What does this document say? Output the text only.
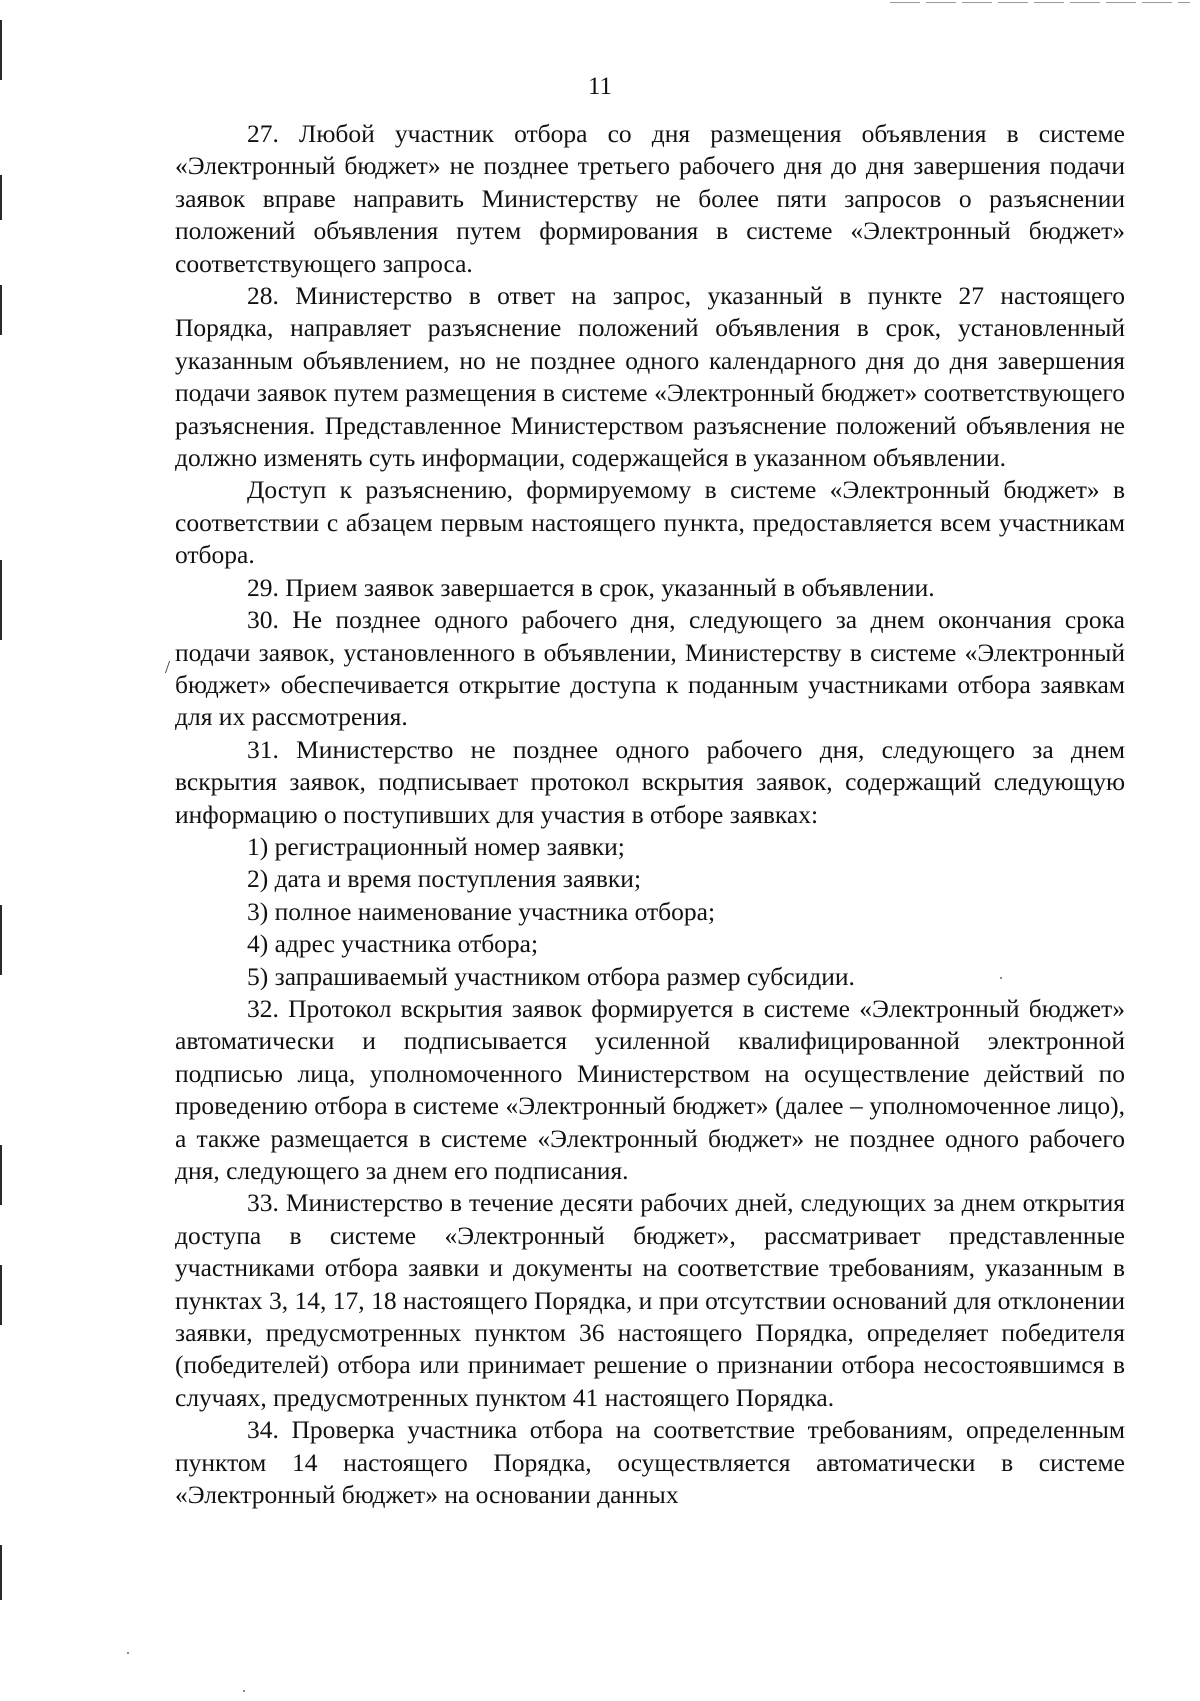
/
11

27. Любой участник отбора со дня размещения объявления в системе «Электронный бюджет» не позднее третьего рабочего дня до дня завершения подачи заявок вправе направить Министерству не более пяти запросов о разъяснении положений объявления путем формирования в системе «Электронный бюджет» соответствующего запроса.

28. Министерство в ответ на запрос, указанный в пункте 27 настоящего Порядка, направляет разъяснение положений объявления в срок, установленный указанным объявлением, но не позднее одного календарного дня до дня завершения подачи заявок путем размещения в системе «Электронный бюджет» соответствующего разъяснения. Представленное Министерством разъяснение положений объявления не должно изменять суть информации, содержащейся в указанном объявлении.

Доступ к разъяснению, формируемому в системе «Электронный бюджет» в соответствии с абзацем первым настоящего пункта, предоставляется всем участникам отбора.

29. Прием заявок завершается в срок, указанный в объявлении.

30. Не позднее одного рабочего дня, следующего за днем окончания срока подачи заявок, установленного в объявлении, Министерству в системе «Электронный бюджет» обеспечивается открытие доступа к поданным участниками отбора заявкам для их рассмотрения.

31. Министерство не позднее одного рабочего дня, следующего за днем вскрытия заявок, подписывает протокол вскрытия заявок, содержащий следующую информацию о поступивших для участия в отборе заявках:

1) регистрационный номер заявки;

2) дата и время поступления заявки;

3) полное наименование участника отбора;

4) адрес участника отбора;

5) запрашиваемый участником отбора размер субсидии.

32. Протокол вскрытия заявок формируется в системе «Электронный бюджет» автоматически и подписывается усиленной квалифицированной электронной подписью лица, уполномоченного Министерством на осуществление действий по проведению отбора в системе «Электронный бюджет» (далее – уполномоченное лицо), а также размещается в системе «Электронный бюджет» не позднее одного рабочего дня, следующего за днем его подписания.

33. Министерство в течение десяти рабочих дней, следующих за днем открытия доступа в системе «Электронный бюджет», рассматривает представленные участниками отбора заявки и документы на соответствие требованиям, указанным в пунктах 3, 14, 17, 18 настоящего Порядка, и при отсутствии оснований для отклонении заявки, предусмотренных пунктом 36 настоящего Порядка, определяет победителя (победителей) отбора или принимает решение о признании отбора несостоявшимся в случаях, предусмотренных пунктом 41 настоящего Порядка.

34. Проверка участника отбора на соответствие требованиям, определенным пунктом 14 настоящего Порядка, осуществляется автоматически в системе «Электронный бюджет» на основании данных
